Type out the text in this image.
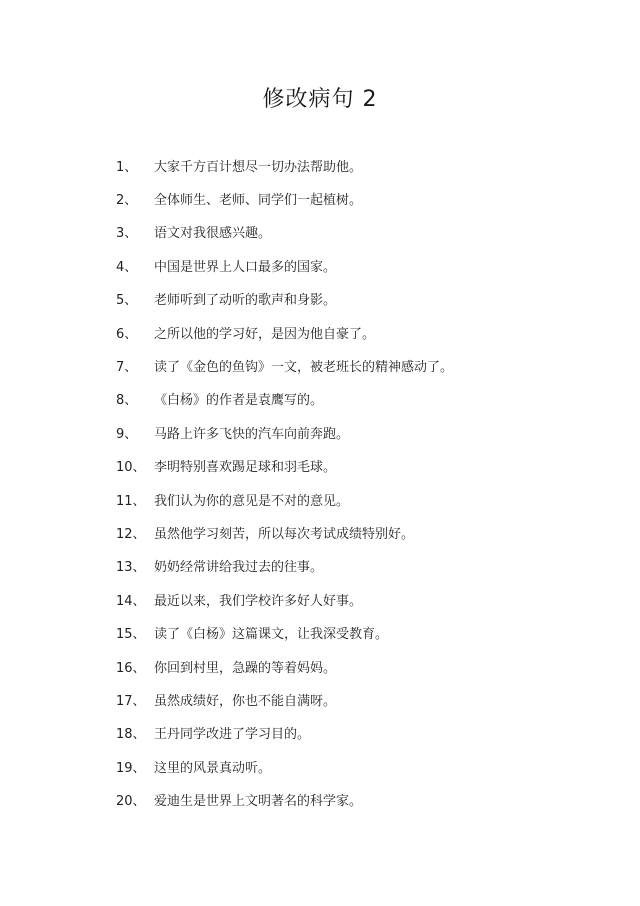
修改病句 2
1、	大家千方百计想尽一切办法帮助他。
2、	全体师生、老师、同学们一起植树。
3、	语文对我很感兴趣。
4、	中国是世界上人口最多的国家。
5、	老师听到了动听的歌声和身影。
6、	之所以他的学习好，是因为他自豪了。
7、	读了《金色的鱼钩》一文，被老班长的精神感动了。
8、	《白杨》的作者是袁鹰写的。
9、	马路上许多飞快的汽车向前奔跑。
10、 李明特别喜欢踢足球和羽毛球。
11、 我们认为你的意见是不对的意见。
12、 虽然他学习刻苦，所以每次考试成绩特别好。
13、 奶奶经常讲给我过去的往事。
14、 最近以来，我们学校许多好人好事。
15、 读了《白杨》这篇课文，让我深受教育。
16、 你回到村里，急躁的等着妈妈。
17、 虽然成绩好，你也不能自满呀。
18、 王丹同学改进了学习目的。
19、 这里的风景真动听。
20、 爱迪生是世界上文明著名的科学家。
